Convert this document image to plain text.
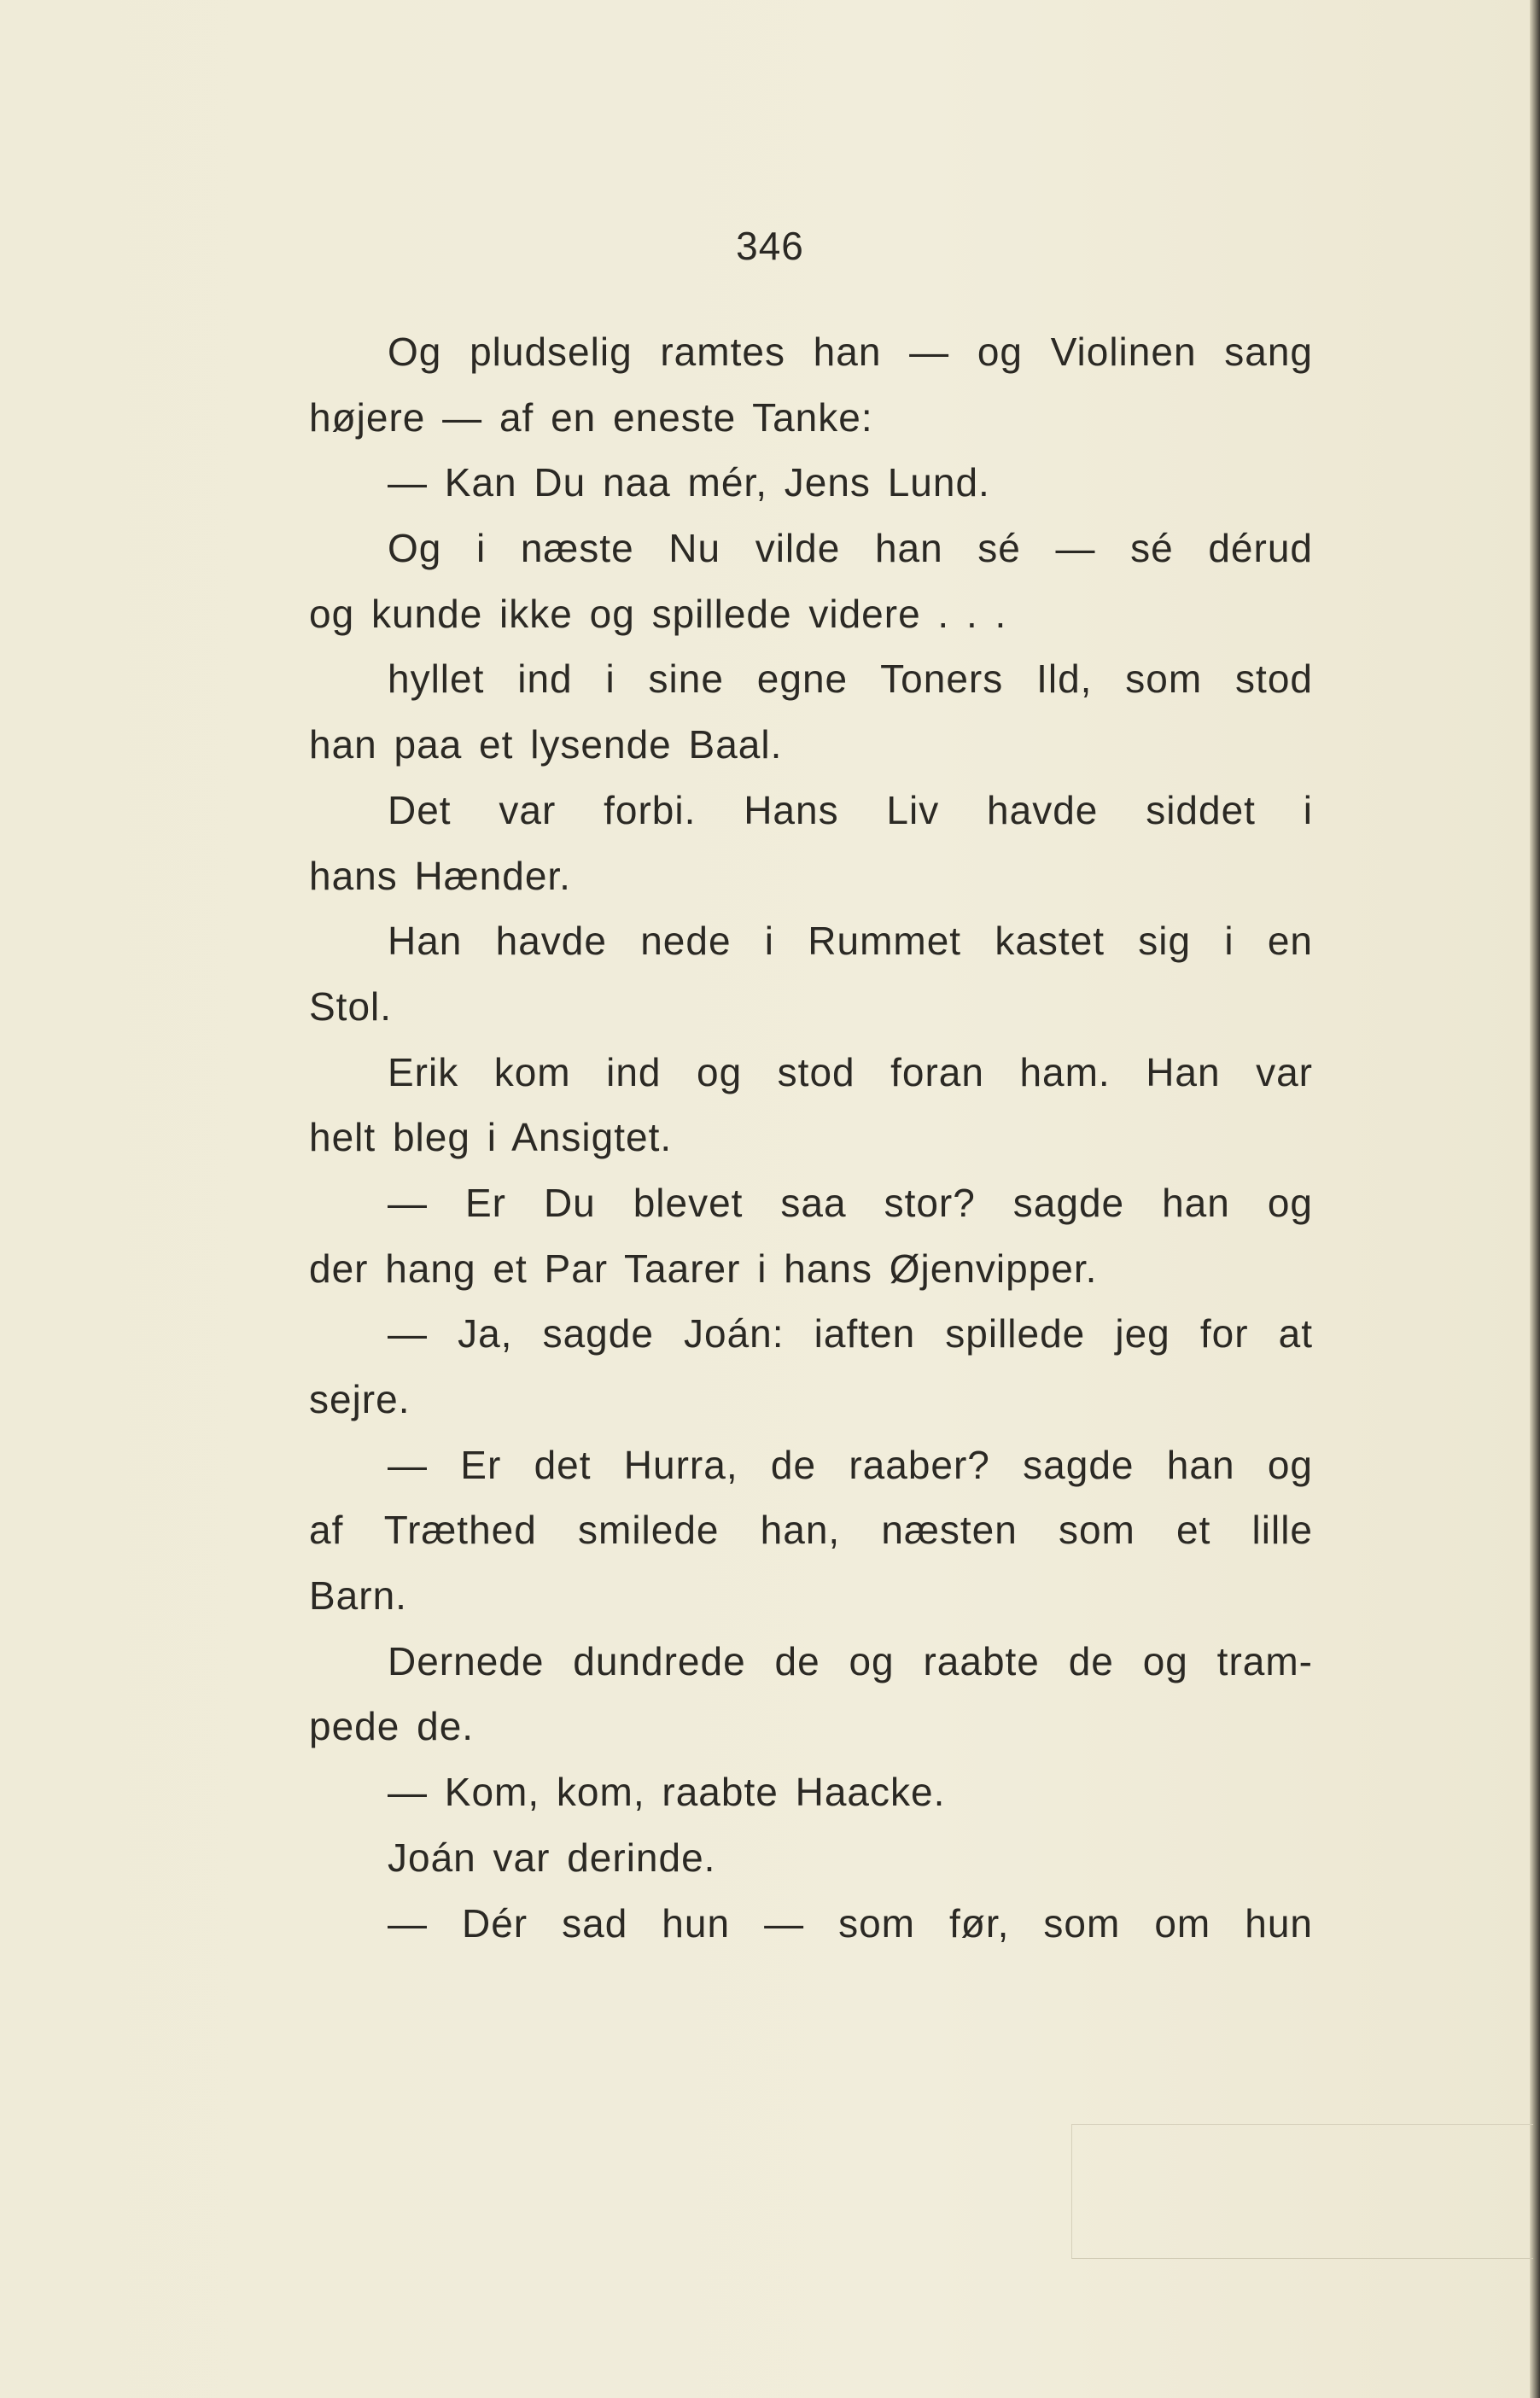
346
Og pludselig ramtes han — og Violinen sang
højere — af en eneste Tanke:
— Kan Du naa mér, Jens Lund.
Og i næste Nu vilde han sé — sé dérud
og kunde ikke og spillede videre . . .
hyllet ind i sine egne Toners Ild, som stod
han paa et lysende Baal.
Det var forbi. Hans Liv havde siddet i
hans Hænder.
Han havde nede i Rummet kastet sig i en
Stol.
Erik kom ind og stod foran ham. Han var
helt bleg i Ansigtet.
— Er Du blevet saa stor? sagde han og
der hang et Par Taarer i hans Øjenvipper.
— Ja, sagde Joán: iaften spillede jeg for at
sejre.
— Er det Hurra, de raaber? sagde han og
af Træthed smilede han, næsten som et lille
Barn.
Dernede dundrede de og raabte de og tram-
pede de.
— Kom, kom, raabte Haacke.
Joán var derinde.
— Dér sad hun — som før, som om hun
